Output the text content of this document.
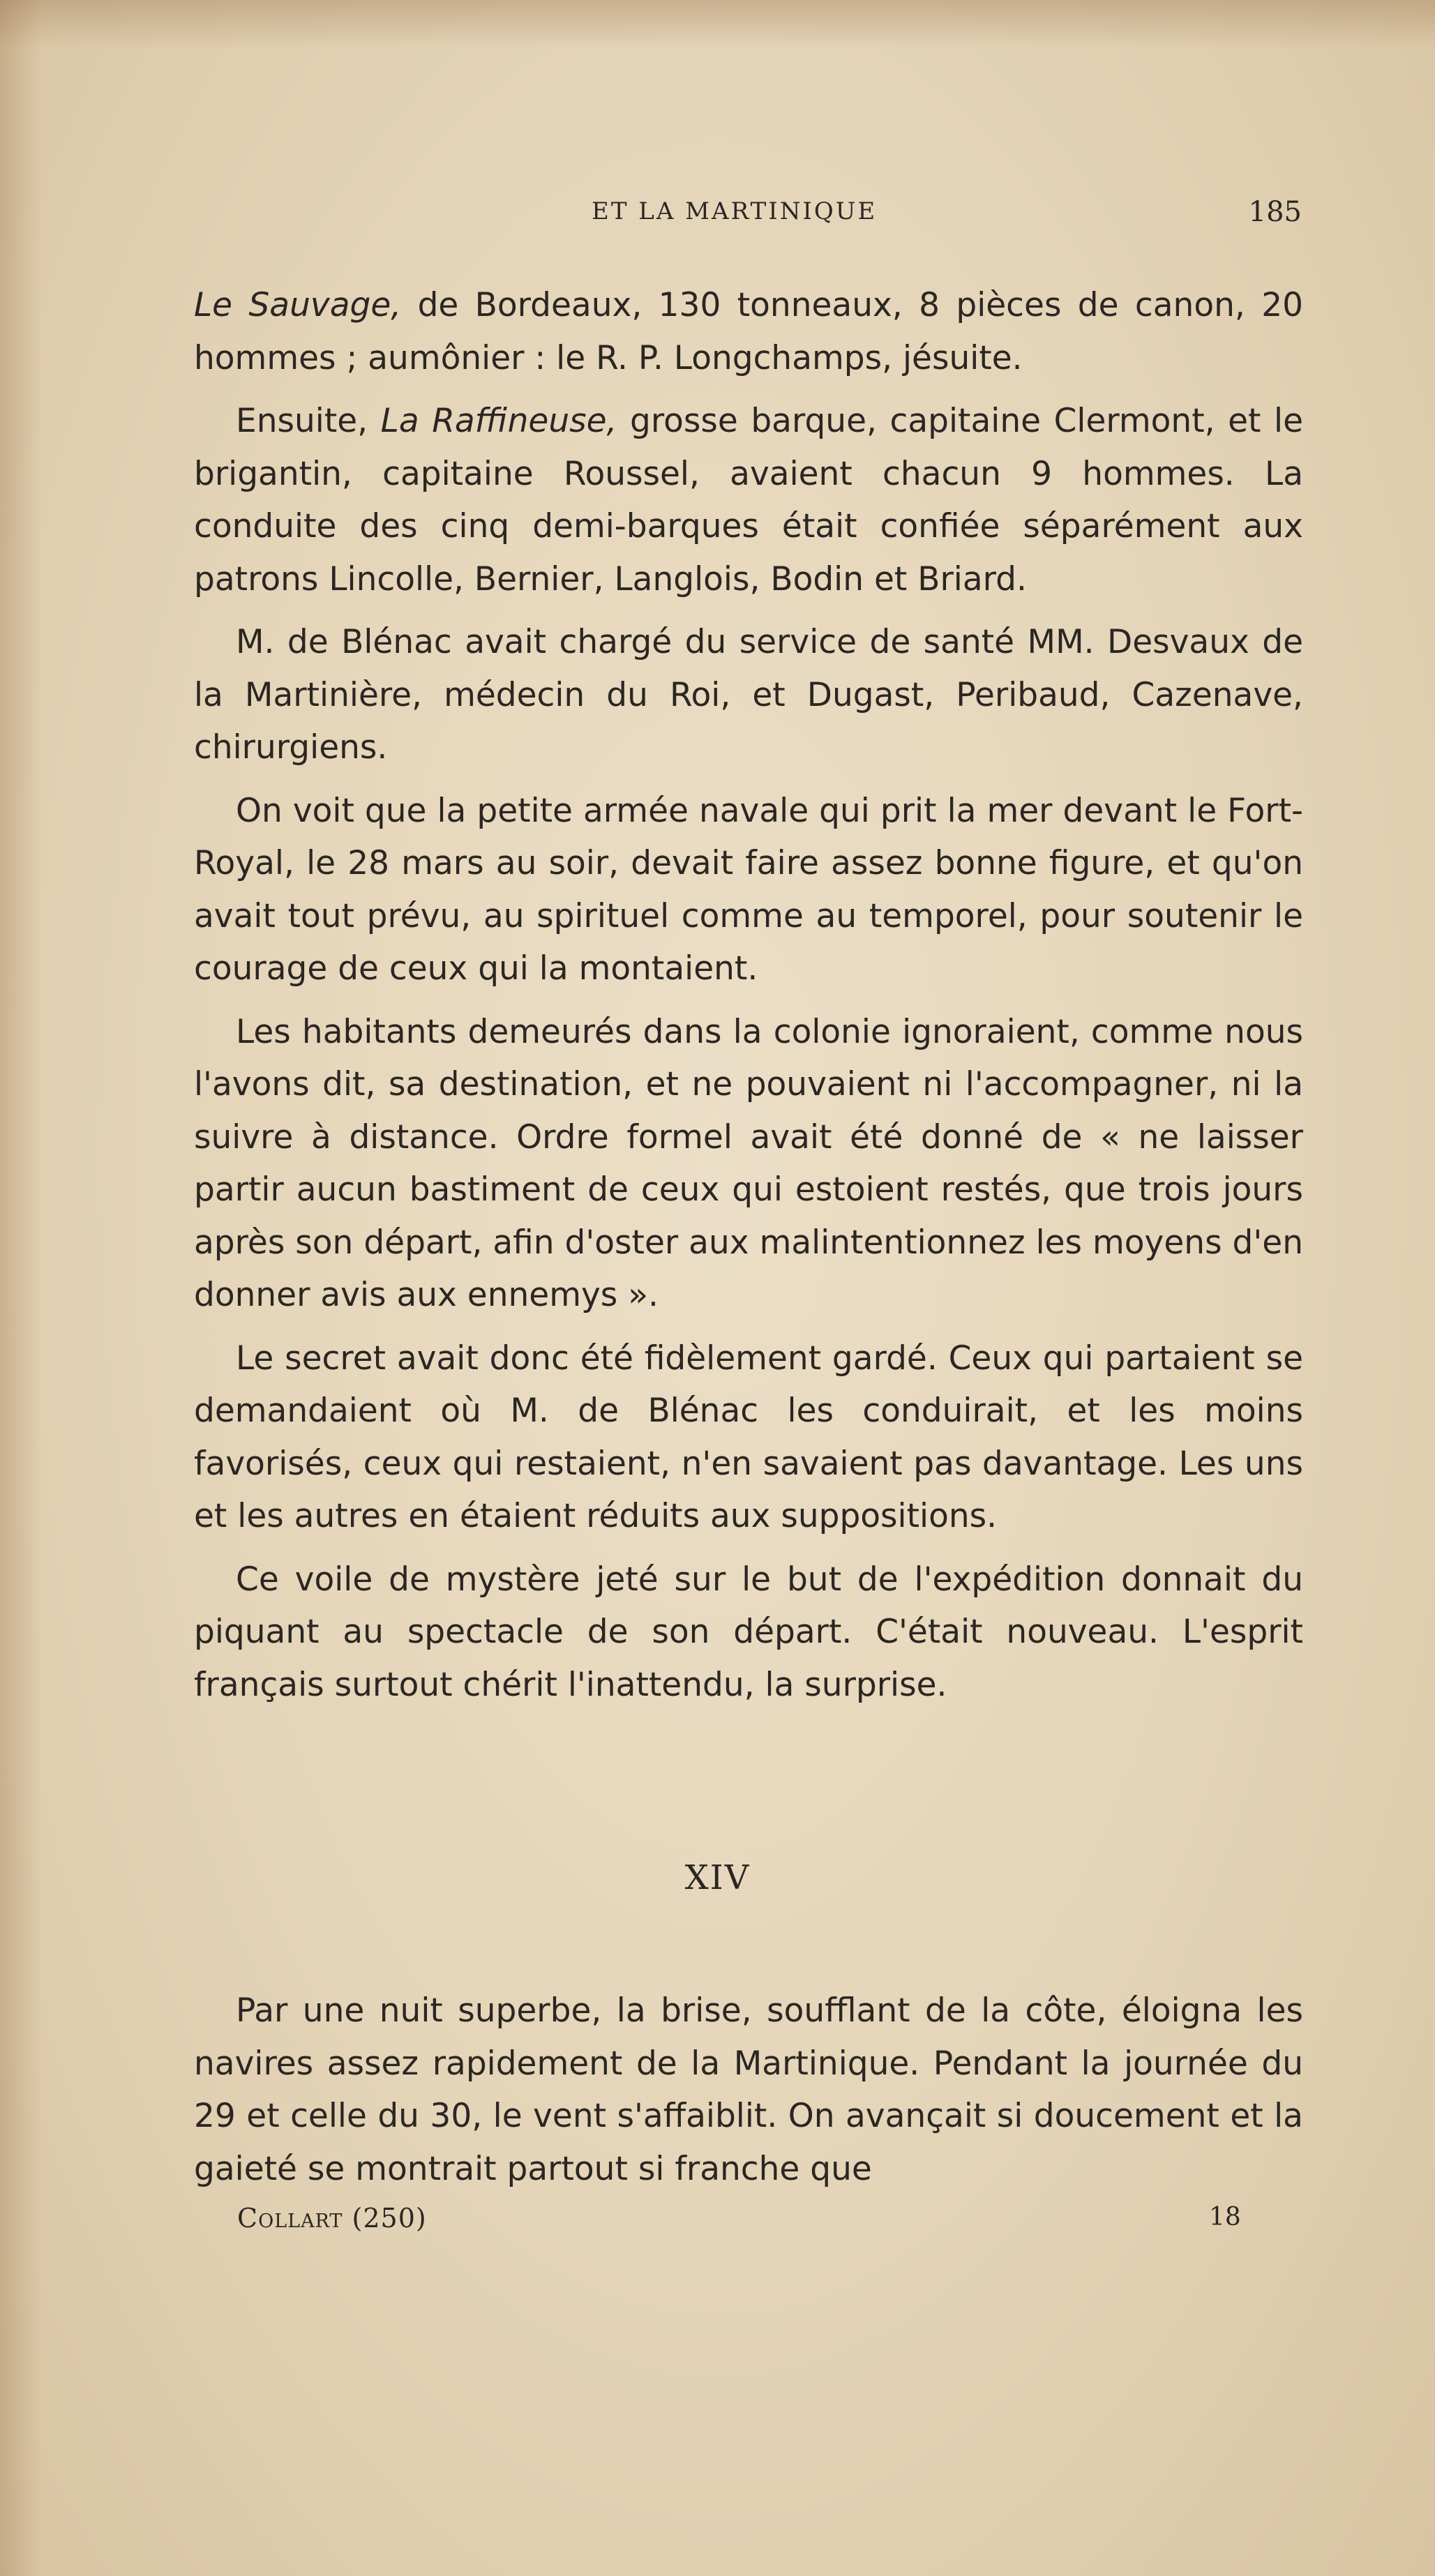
ET LA MARTINIQUE	185

Le Sauvage, de Bordeaux, 130 tonneaux, 8 pièces de canon, 20 hommes ; aumônier : le R. P. Longchamps, jésuite.

Ensuite, La Raffineuse, grosse barque, capitaine Clermont, et le brigantin, capitaine Roussel, avaient chacun 9 hommes. La conduite des cinq demi-barques était confiée séparément aux patrons Lincolle, Bernier, Langlois, Bodin et Briard.

M. de Blénac avait chargé du service de santé MM. Desvaux de la Martinière, médecin du Roi, et Dugast, Peribaud, Cazenave, chirurgiens.

On voit que la petite armée navale qui prit la mer devant le Fort-Royal, le 28 mars au soir, devait faire assez bonne figure, et qu'on avait tout prévu, au spirituel comme au temporel, pour soutenir le courage de ceux qui la montaient.

Les habitants demeurés dans la colonie ignoraient, comme nous l'avons dit, sa destination, et ne pouvaient ni l'accompagner, ni la suivre à distance. Ordre formel avait été donné de « ne laisser partir aucun bastiment de ceux qui estoient restés, que trois jours après son départ, afin d'oster aux malintentionnez les moyens d'en donner avis aux ennemys ».

Le secret avait donc été fidèlement gardé. Ceux qui partaient se demandaient où M. de Blénac les conduirait, et les moins favorisés, ceux qui restaient, n'en savaient pas davantage. Les uns et les autres en étaient réduits aux suppositions.

Ce voile de mystère jeté sur le but de l'expédition donnait du piquant au spectacle de son départ. C'était nouveau. L'esprit français surtout chérit l'inattendu, la surprise.

XIV

Par une nuit superbe, la brise, soufflant de la côte, éloigna les navires assez rapidement de la Martinique. Pendant la journée du 29 et celle du 30, le vent s'affaiblit. On avançait si doucement et la gaieté se montrait partout si franche que

Collart (250)	18
